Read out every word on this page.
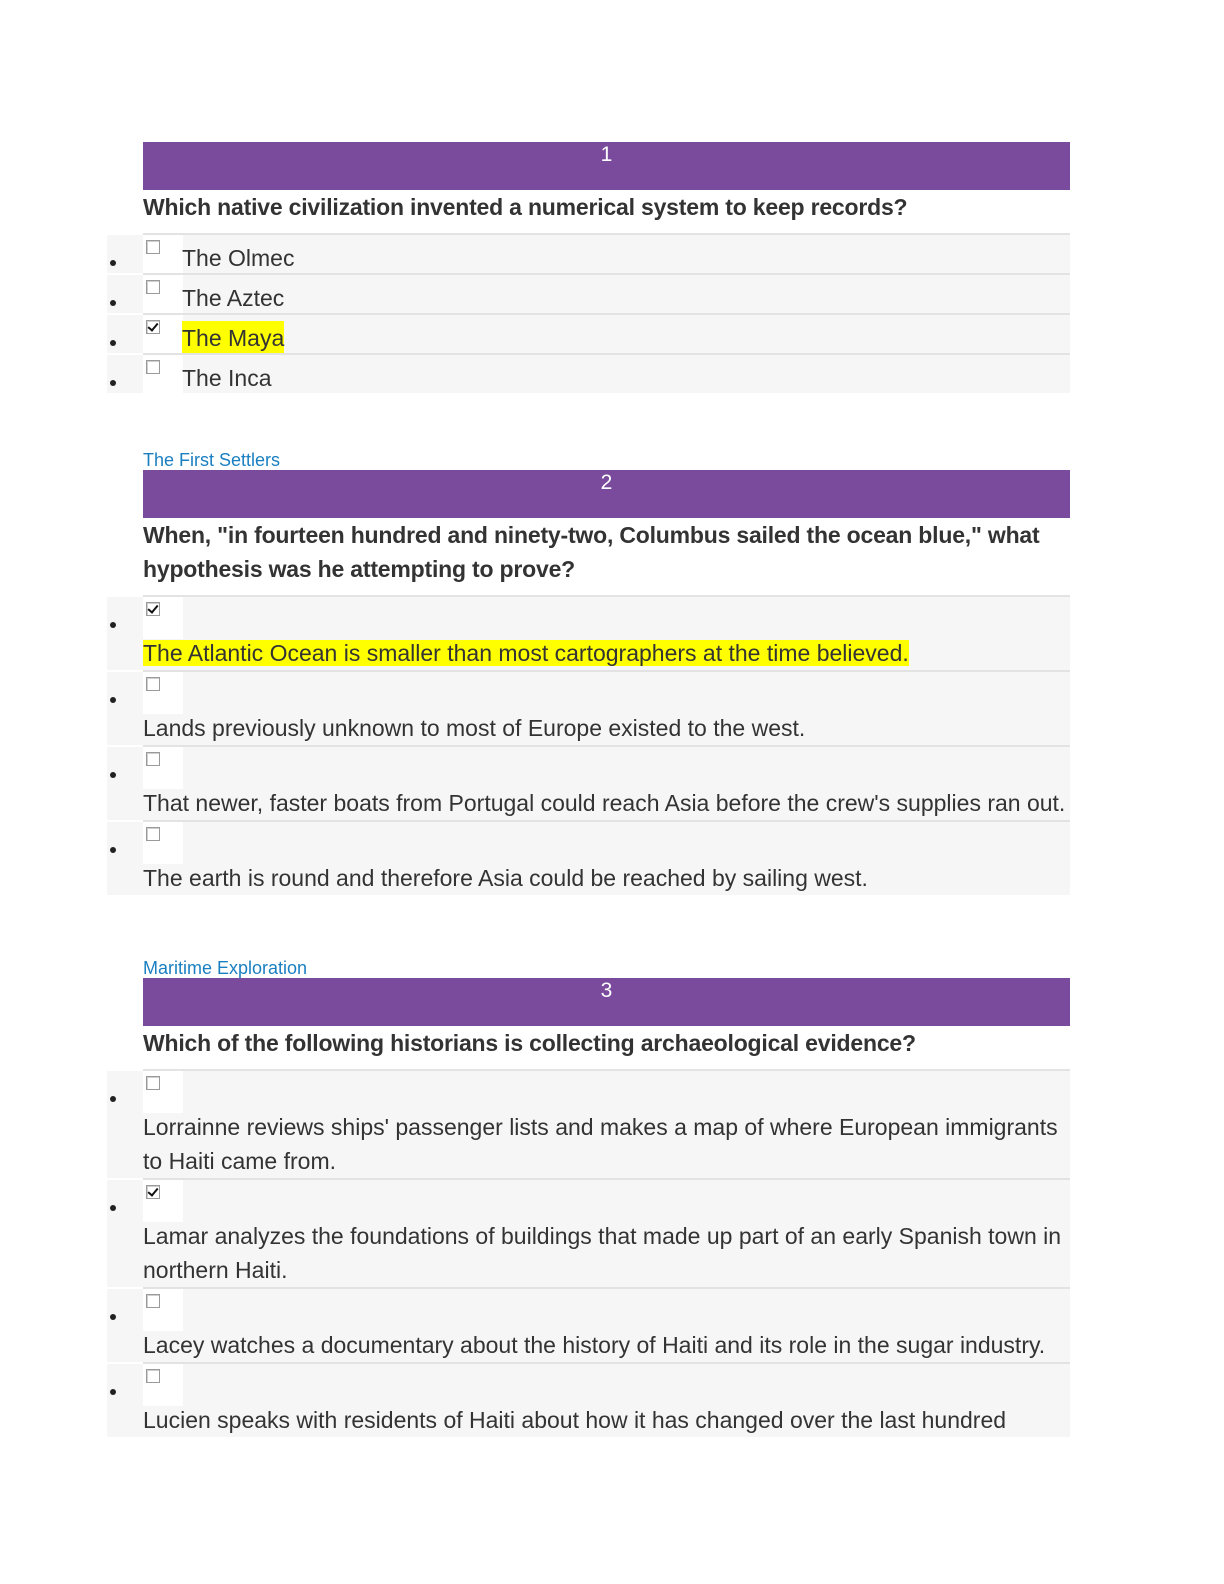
1
Which native civilization invented a numerical system to keep records?
The Olmec
The Aztec
The Maya
The Inca
The First Settlers
2
When, "in fourteen hundred and ninety-two, Columbus sailed the ocean blue," what hypothesis was he attempting to prove?
The Atlantic Ocean is smaller than most cartographers at the time believed.
Lands previously unknown to most of Europe existed to the west.
That newer, faster boats from Portugal could reach Asia before the crew's supplies ran out.
The earth is round and therefore Asia could be reached by sailing west.
Maritime Exploration
3
Which of the following historians is collecting archaeological evidence?
Lorrainne reviews ships' passenger lists and makes a map of where European immigrants to Haiti came from.
Lamar analyzes the foundations of buildings that made up part of an early Spanish town in northern Haiti.
Lacey watches a documentary about the history of Haiti and its role in the sugar industry.
Lucien speaks with residents of Haiti about how it has changed over the last hundred
